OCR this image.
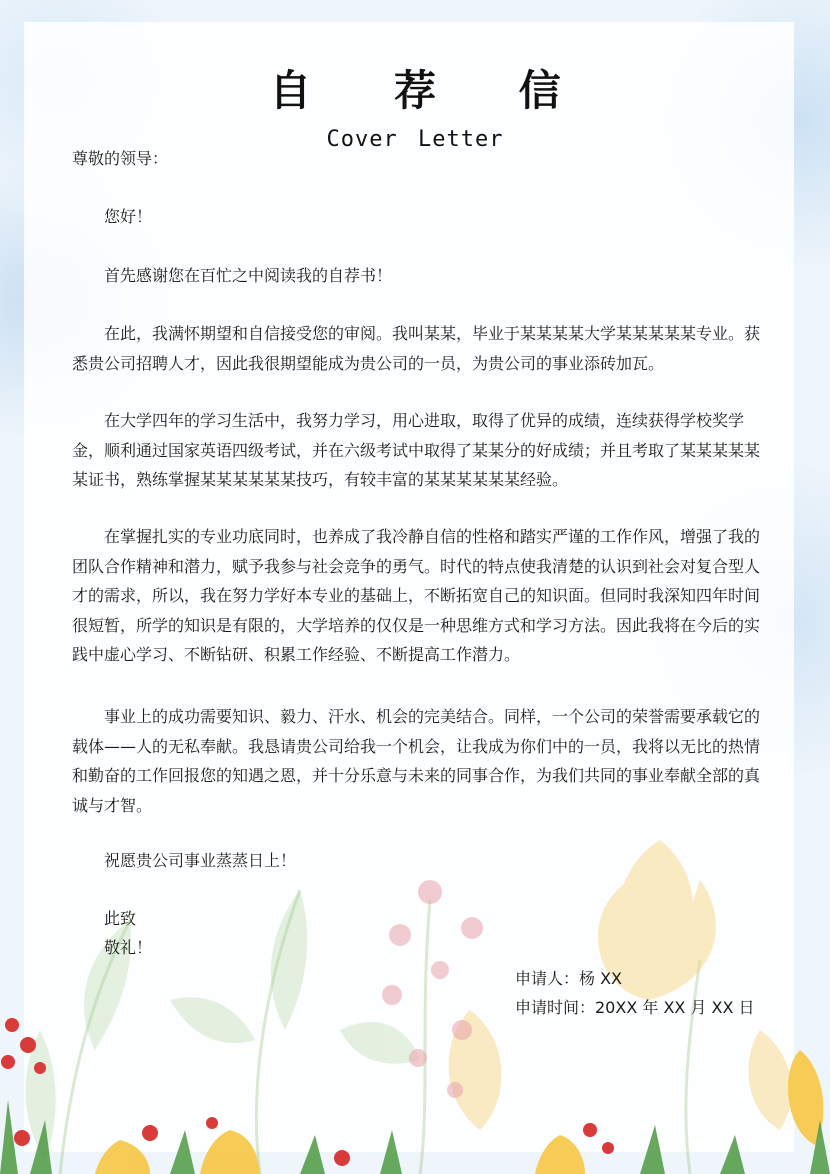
自 荐 信
Cover Letter
尊敬的领导：
您好！

首先感谢您在百忙之中阅读我的自荐书！

在此，我满怀期望和自信接受您的审阅。我叫某某，毕业于某某某某大学某某某某某专业。获悉贵公司招聘人才，因此我很期望能成为贵公司的一员，为贵公司的事业添砖加瓦。

在大学四年的学习生活中，我努力学习，用心进取，取得了优异的成绩，连续获得学校奖学金，顺利通过国家英语四级考试，并在六级考试中取得了某某分的好成绩；并且考取了某某某某某某证书，熟练掌握某某某某某某技巧，有较丰富的某某某某某某经验。

在掌握扎实的专业功底同时，也养成了我冷静自信的性格和踏实严谨的工作作风，增强了我的团队合作精神和潜力，赋予我参与社会竞争的勇气。时代的特点使我清楚的认识到社会对复合型人才的需求，所以，我在努力学好本专业的基础上，不断拓宽自己的知识面。但同时我深知四年时间很短暂，所学的知识是有限的，大学培养的仅仅是一种思维方式和学习方法。因此我将在今后的实践中虚心学习、不断钻研、积累工作经验、不断提高工作潜力。

事业上的成功需要知识、毅力、汗水、机会的完美结合。同样，一个公司的荣誉需要承载它的载体——人的无私奉献。我恳请贵公司给我一个机会，让我成为你们中的一员，我将以无比的热情和勤奋的工作回报您的知遇之恩，并十分乐意与未来的同事合作，为我们共同的事业奉献全部的真诚与才智。

祝愿贵公司事业蒸蒸日上！

此致
敬礼！
申请人：杨 XX
申请时间：20XX 年 XX 月 XX 日
